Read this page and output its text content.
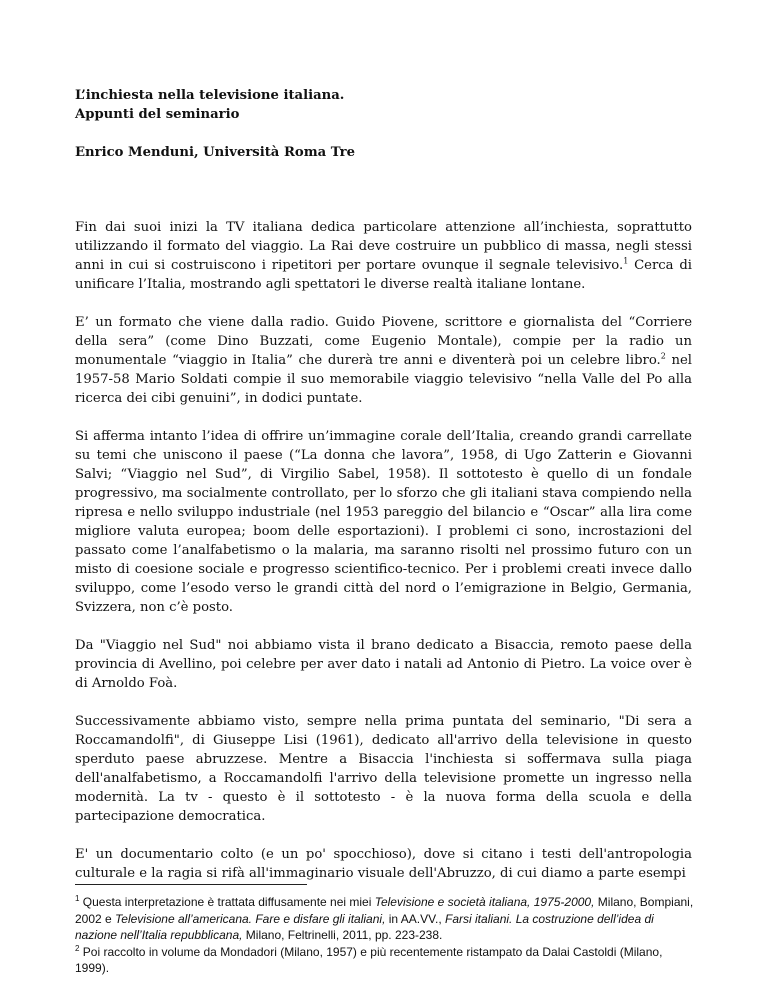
L’inchiesta nella televisione italiana.
Appunti del seminario

Enrico Menduni, Università Roma Tre

Fin dai suoi inizi la TV italiana dedica particolare attenzione all’inchiesta, soprattutto utilizzando il formato del viaggio. La Rai deve costruire un pubblico di massa, negli stessi anni in cui si costruiscono i ripetitori per portare ovunque il segnale televisivo.$^1$ Cerca di unificare l’Italia, mostrando agli spettatori le diverse realtà italiane lontane.

E’ un formato che viene dalla radio. Guido Piovene, scrittore e giornalista del “Corriere della sera” (come Dino Buzzati, come Eugenio Montale), compie per la radio un monumentale “viaggio in Italia” che durerà tre anni e diventerà poi un celebre libro.$^2$ nel 1957-58 Mario Soldati compie il suo memorabile viaggio televisivo “nella Valle del Po alla ricerca dei cibi genuini”, in dodici puntate.

Si afferma intanto l’idea di offrire un’immagine corale dell’Italia, creando grandi carrellate su temi che uniscono il paese (“La donna che lavora”, 1958, di Ugo Zatterin e Giovanni Salvi; “Viaggio nel Sud”, di Virgilio Sabel, 1958). Il sottotesto è quello di un fondale progressivo, ma socialmente controllato, per lo sforzo che gli italiani stava compiendo nella ripresa e nello sviluppo industriale (nel 1953 pareggio del bilancio e “Oscar” alla lira come migliore valuta europea; boom delle esportazioni). I problemi ci sono, incrostazioni del passato come l’analfabetismo o la malaria, ma saranno risolti nel prossimo futuro con un misto di coesione sociale e progresso scientifico-tecnico. Per i problemi creati invece dallo sviluppo, come l’esodo verso le grandi città del nord o l’emigrazione in Belgio, Germania, Svizzera, non c’è posto.

Da "Viaggio nel Sud" noi abbiamo vista il brano dedicato a Bisaccia, remoto paese della provincia di Avellino, poi celebre per aver dato i natali ad Antonio di Pietro. La voice over è di Arnoldo Foà.

Successivamente abbiamo visto, sempre nella prima puntata del seminario, "Di sera a Roccamandolfi", di Giuseppe Lisi (1961), dedicato all'arrivo della televisione in questo sperduto paese abruzzese. Mentre a Bisaccia l'inchiesta si soffermava sulla piaga dell'analfabetismo, a Roccamandolfi l'arrivo della televisione promette un ingresso nella modernità. La tv - questo è il sottotesto - è la nuova forma della scuola e della partecipazione democratica.

E' un documentario colto (e un po' spocchioso), dove si citano i testi dell'antropologia culturale e la ragia si rifà all'immaginario visuale dell'Abruzzo, di cui diamo a parte esempi

$^1$ Questa interpretazione è trattata diffusamente nei miei Televisione e società italiana, 1975-2000, Milano, Bompiani, 2002 e Televisione all’americana. Fare e disfare gli italiani, in AA.VV., Farsi italiani. La costruzione dell’idea di nazione nell’Italia repubblicana, Milano, Feltrinelli, 2011, pp. 223-238.

$^2$ Poi raccolto in volume da Mondadori (Milano, 1957) e più recentemente ristampato da Dalai Castoldi (Milano, 1999).
